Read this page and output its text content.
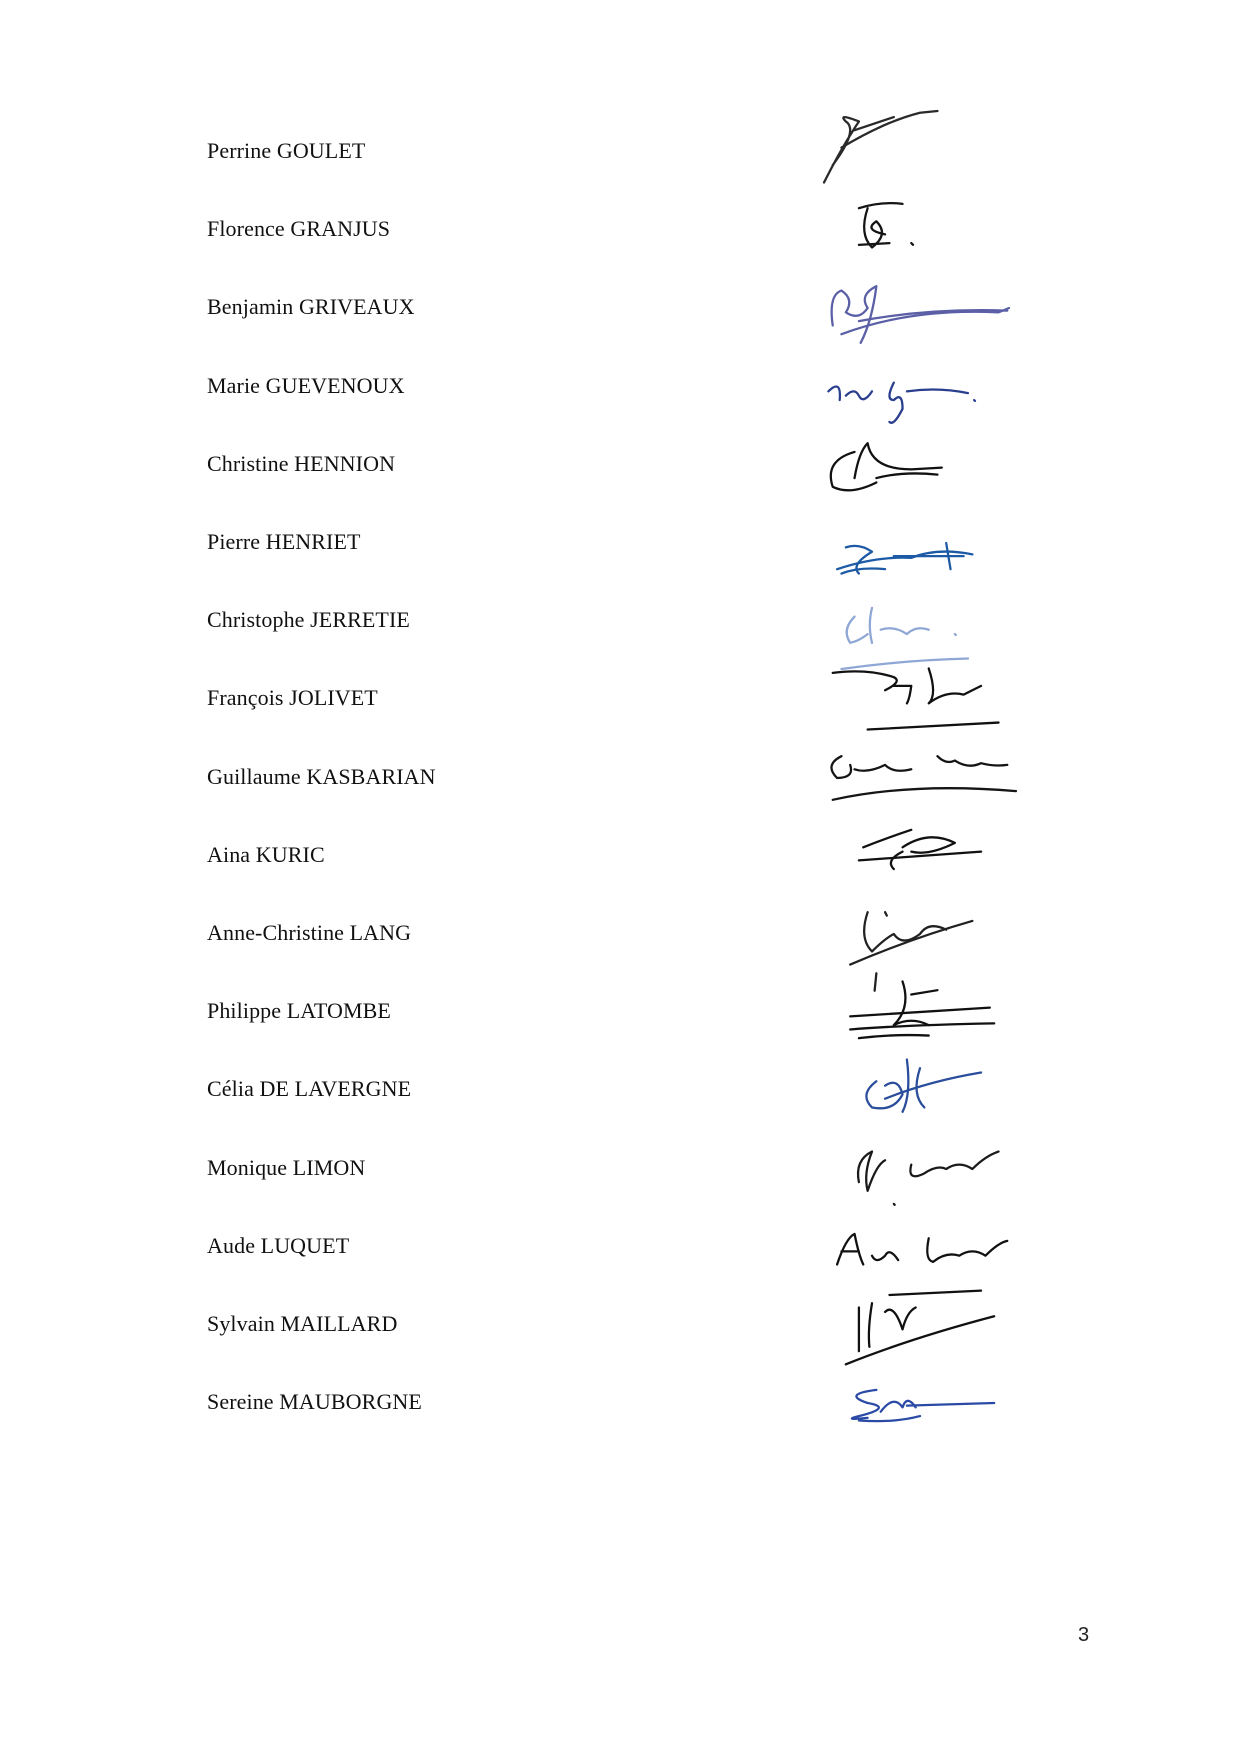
Perrine GOULET
Florence GRANJUS
Benjamin GRIVEAUX
Marie GUEVENOUX
Christine HENNION
Pierre HENRIET
Christophe JERRETIE
François JOLIVET
Guillaume KASBARIAN
Aina KURIC
Anne-Christine LANG
Philippe LATOMBE
Célia DE LAVERGNE
Monique LIMON
Aude LUQUET
Sylvain MAILLARD
Sereine MAUBORGNE
3
